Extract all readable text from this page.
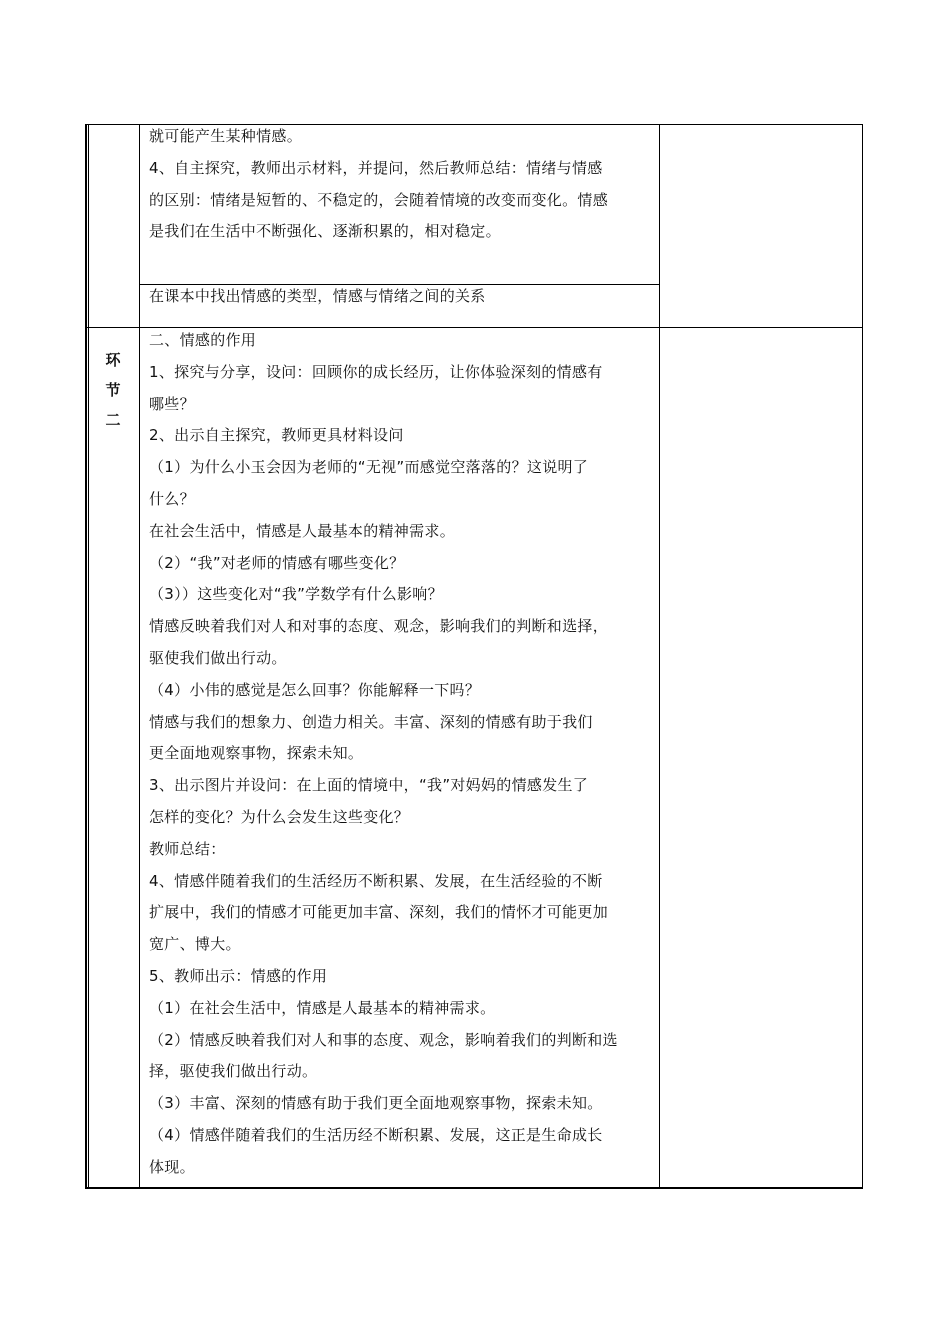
就可能产生某种情感。

4、自主探究，教师出示材料，并提问，然后教师总结：情绪与情感

的区别：情绪是短暂的、不稳定的，会随着情境的改变而变化。情感

是我们在生活中不断强化、逐渐积累的，相对稳定。

在课本中找出情感的类型，情感与情绪之间的关系

环
节
二

二、情感的作用

1、探究与分享，设问：回顾你的成长经历，让你体验深刻的情感有

哪些？

2、出示自主探究，教师更具材料设问

（1）为什么小玉会因为老师的“无视”而感觉空落落的？这说明了

什么？

在社会生活中，情感是人最基本的精神需求。

（2）“我”对老师的情感有哪些变化？

（3））这些变化对“我”学数学有什么影响？

情感反映着我们对人和对事的态度、观念，影响我们的判断和选择，

驱使我们做出行动。

（4）小伟的感觉是怎么回事？你能解释一下吗？

情感与我们的想象力、创造力相关。丰富、深刻的情感有助于我们

更全面地观察事物，探索未知。

3、出示图片并设问：在上面的情境中，“我”对妈妈的情感发生了

怎样的变化？为什么会发生这些变化？

教师总结：

4、情感伴随着我们的生活经历不断积累、发展，在生活经验的不断

扩展中，我们的情感才可能更加丰富、深刻，我们的情怀才可能更加

宽广、博大。

5、教师出示：情感的作用

（1）在社会生活中，情感是人最基本的精神需求。

（2）情感反映着我们对人和事的态度、观念，影响着我们的判断和选

择，驱使我们做出行动。

（3）丰富、深刻的情感有助于我们更全面地观察事物，探索未知。

（4）情感伴随着我们的生活历经不断积累、发展，这正是生命成长

体现。
